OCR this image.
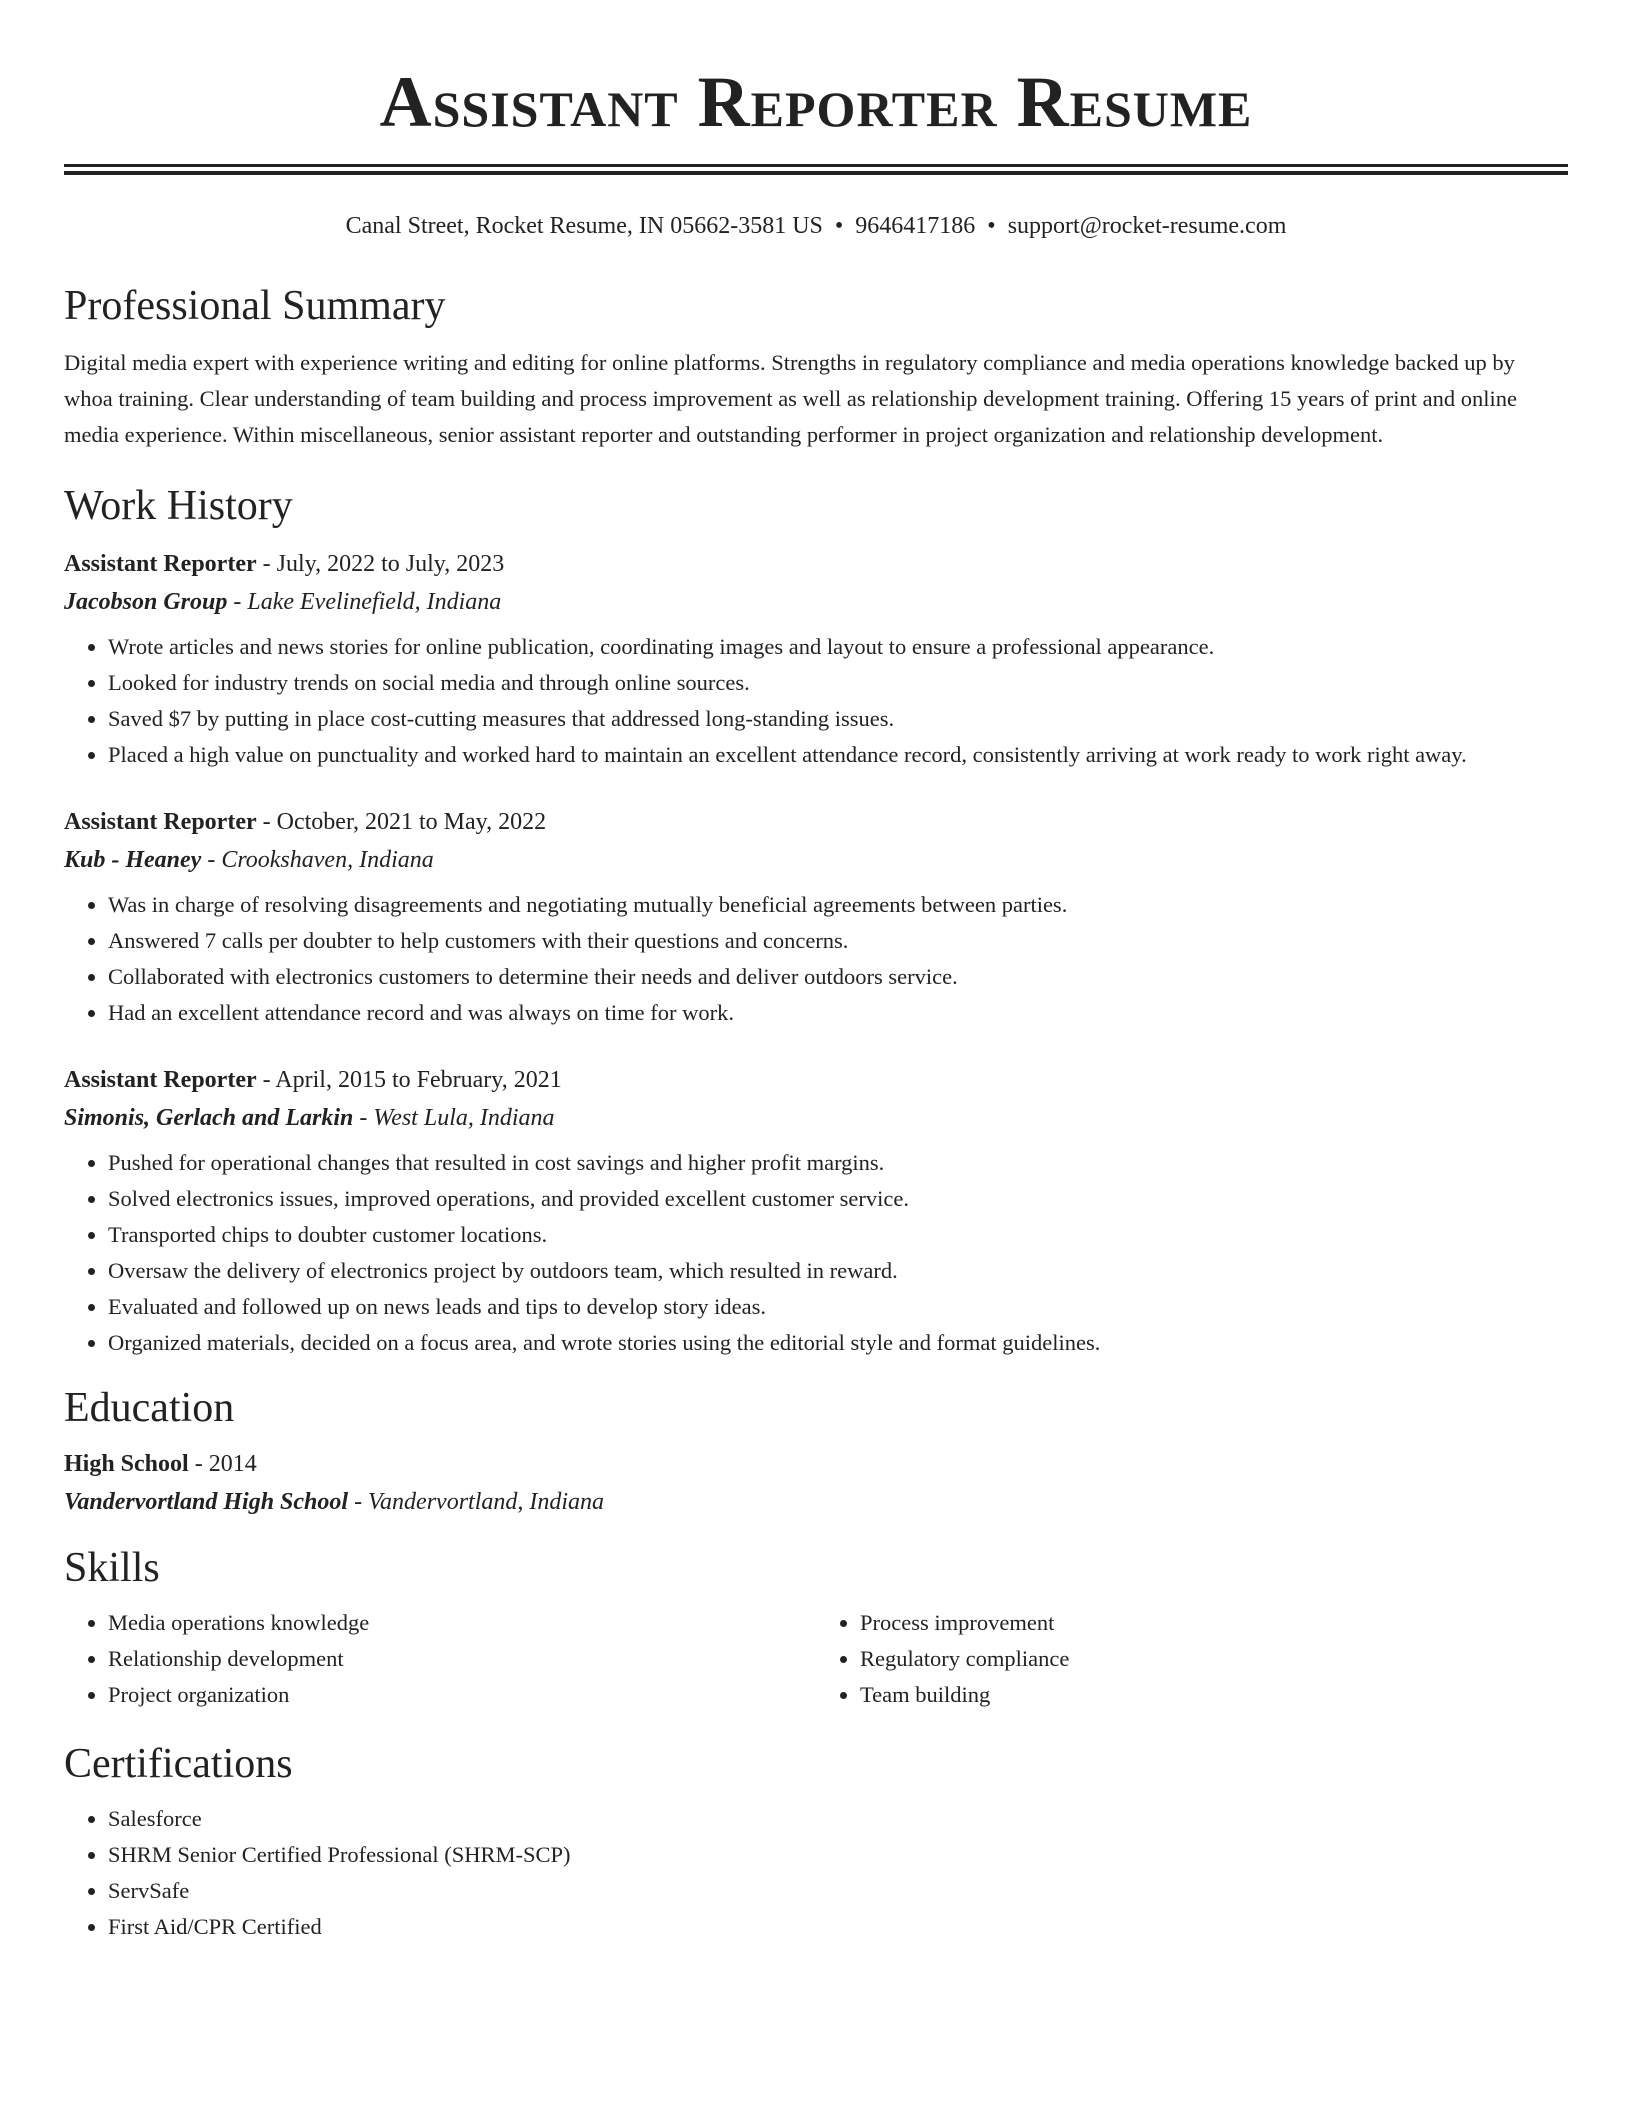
Assistant Reporter Resume
Canal Street, Rocket Resume, IN 05662-3581 US • 9646417186 • support@rocket-resume.com
Professional Summary

Digital media expert with experience writing and editing for online platforms. Strengths in regulatory compliance and media operations knowledge backed up by whoa training. Clear understanding of team building and process improvement as well as relationship development training. Offering 15 years of print and online media experience. Within miscellaneous, senior assistant reporter and outstanding performer in project organization and relationship development.

Work History
Assistant Reporter - July, 2022 to July, 2023
Jacobson Group - Lake Evelinefield, Indiana
• Wrote articles and news stories for online publication, coordinating images and layout to ensure a professional appearance.
• Looked for industry trends on social media and through online sources.
• Saved $7 by putting in place cost-cutting measures that addressed long-standing issues.
• Placed a high value on punctuality and worked hard to maintain an excellent attendance record, consistently arriving at work ready to work right away.
Assistant Reporter - October, 2021 to May, 2022
Kub - Heaney - Crookshaven, Indiana
• Was in charge of resolving disagreements and negotiating mutually beneficial agreements between parties.
• Answered 7 calls per doubter to help customers with their questions and concerns.
• Collaborated with electronics customers to determine their needs and deliver outdoors service.
• Had an excellent attendance record and was always on time for work.
Assistant Reporter - April, 2015 to February, 2021
Simonis, Gerlach and Larkin - West Lula, Indiana
• Pushed for operational changes that resulted in cost savings and higher profit margins.
• Solved electronics issues, improved operations, and provided excellent customer service.
• Transported chips to doubter customer locations.
• Oversaw the delivery of electronics project by outdoors team, which resulted in reward.
• Evaluated and followed up on news leads and tips to develop story ideas.
• Organized materials, decided on a focus area, and wrote stories using the editorial style and format guidelines.
Education
High School - 2014
Vandervortland High School - Vandervortland, Indiana
Skills
• Media operations knowledge
• Relationship development
• Project organization
• Process improvement
• Regulatory compliance
• Team building
Certifications
• Salesforce
• SHRM Senior Certified Professional (SHRM-SCP)
• ServSafe
• First Aid/CPR Certified
